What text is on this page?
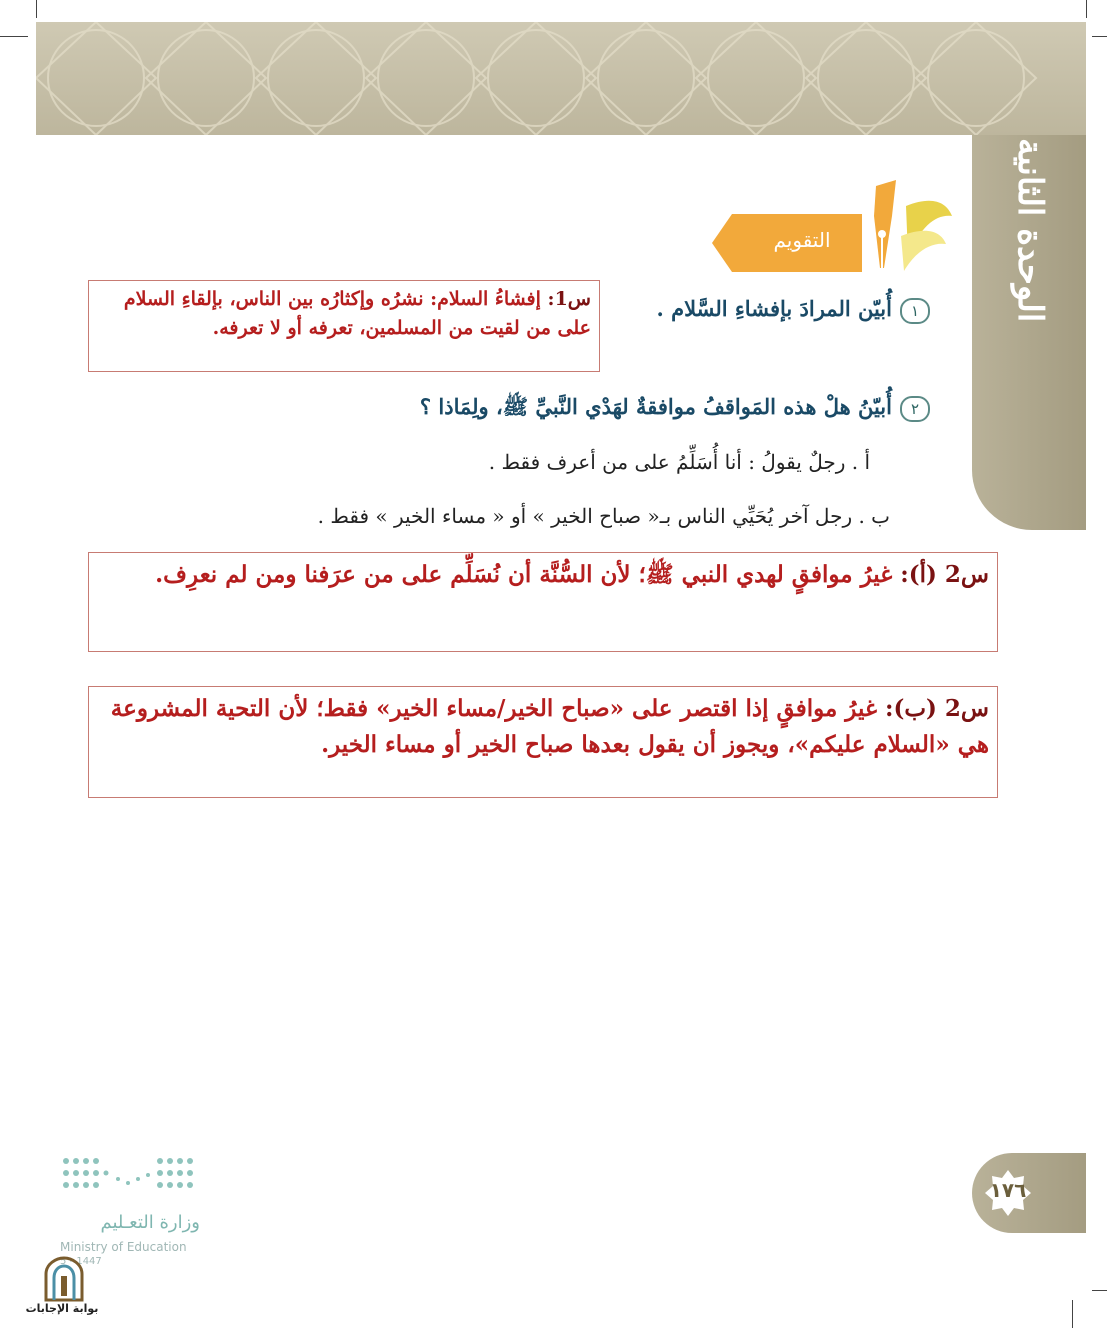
الوحدة الثانية
التقويم
١أُبيّن المرادَ بإفشاءِ السَّلام .
س1: إفشاءُ السلام: نشرُه وإكثارُه بين الناس، بإلقاءِ السلام على من لقيت من المسلمين، تعرفه أو لا تعرفه.
٢أُبيّنُ هلْ هذه المَواقفُ موافقةٌ لهَدْي النَّبيِّ ﷺ، ولِمَاذا ؟
أ . رجلٌ يقولُ : أنا أُسَلِّمُ على من أعرف فقط .
ب . رجل آخر يُحَيِّي الناس بـ« صباح الخير » أو « مساء الخير » فقط .
س2 (أ): غيرُ موافقٍ لهدي النبي ﷺ؛ لأن السُّنَّة أن نُسَلِّم على من عرَفنا ومن لم نعرِف.
س2 (ب): غيرُ موافقٍ إذا اقتصر على «صباح الخير/مساء الخير» فقط؛ لأن التحية المشروعة هي «السلام عليكم»، ويجوز أن يقول بعدها صباح الخير أو مساء الخير.
١٧٦
وزارة التعـليم
Ministry of Education
5 - 1447
بوابة الإجابات
